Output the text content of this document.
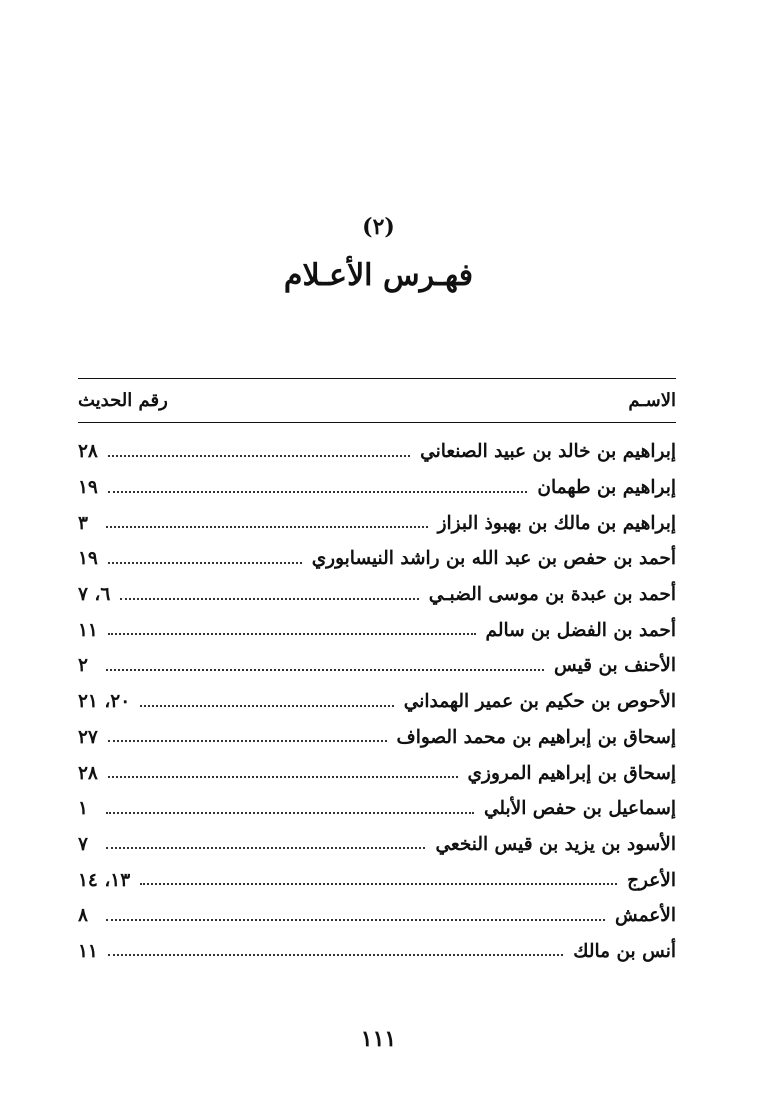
(٢)
فهـرس الأعـلام
الاسـم
رقم الحديث
إبراهيم بن خالد بن عبيد الصنعاني
٢٨
إبراهيم بن طهمان
١٩
إبراهيم بن مالك بن بهبوذ البزاز
٣
أحمد بن حفص بن عبد الله بن راشد النيسابوري
١٩
أحمد بن عبدة بن موسى الضبـي
٦، ٧
أحمد بن الفضل بن سالم
١١
الأحنف بن قيس
٢
الأحوص بن حكيم بن عمير الهمداني
٢٠، ٢١
إسحاق بن إبراهيم بن محمد الصواف
٢٧
إسحاق بن إبراهيم المروزي
٢٨
إسماعيل بن حفص الأبلي
١
الأسود بن يزيد بن قيس النخعي
٧
الأعرج
١٣، ١٤
الأعمش
٨
أنس بن مالك
١١
١١١
